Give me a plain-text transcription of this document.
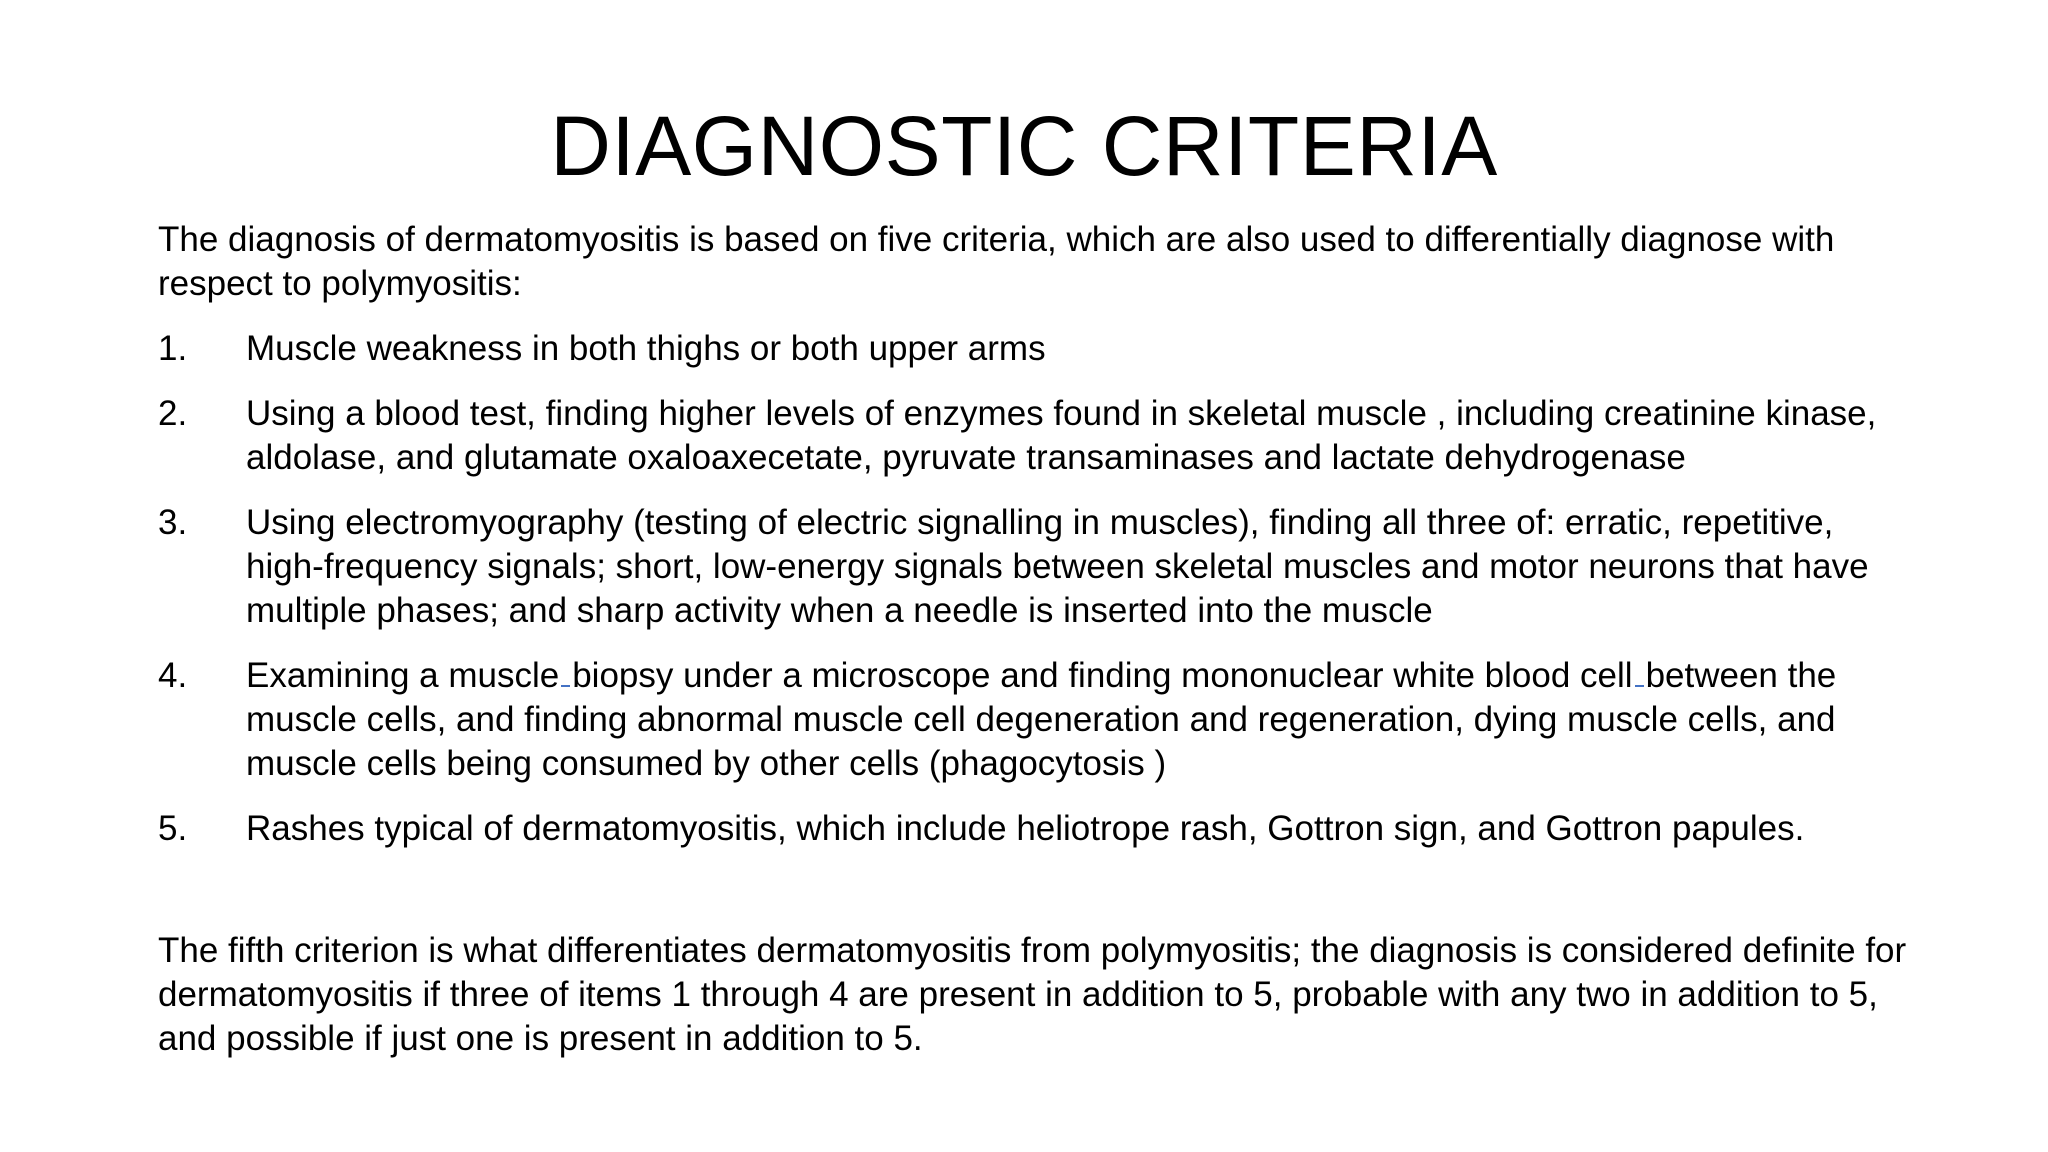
DIAGNOSTIC CRITERIA

The diagnosis of dermatomyositis is based on five criteria, which are also used to differentially diagnose with respect to polymyositis:

1. Muscle weakness in both thighs or both upper arms
2. Using a blood test, finding higher levels of enzymes found in skeletal muscle , including creatinine kinase, aldolase, and glutamate oxaloaxecetate, pyruvate transaminases and lactate dehydrogenase
3. Using electromyography (testing of electric signalling in muscles), finding all three of: erratic, repetitive, high-frequency signals; short, low-energy signals between skeletal muscles and motor neurons that have multiple phases; and sharp activity when a needle is inserted into the muscle
4. Examining a muscle biopsy under a microscope and finding mononuclear white blood cell between the muscle cells, and finding abnormal muscle cell degeneration and regeneration, dying muscle cells, and muscle cells being consumed by other cells (phagocytosis )
5. Rashes typical of dermatomyositis, which include heliotrope rash, Gottron sign, and Gottron papules.

The fifth criterion is what differentiates dermatomyositis from polymyositis; the diagnosis is considered definite for dermatomyositis if three of items 1 through 4 are present in addition to 5, probable with any two in addition to 5, and possible if just one is present in addition to 5.
